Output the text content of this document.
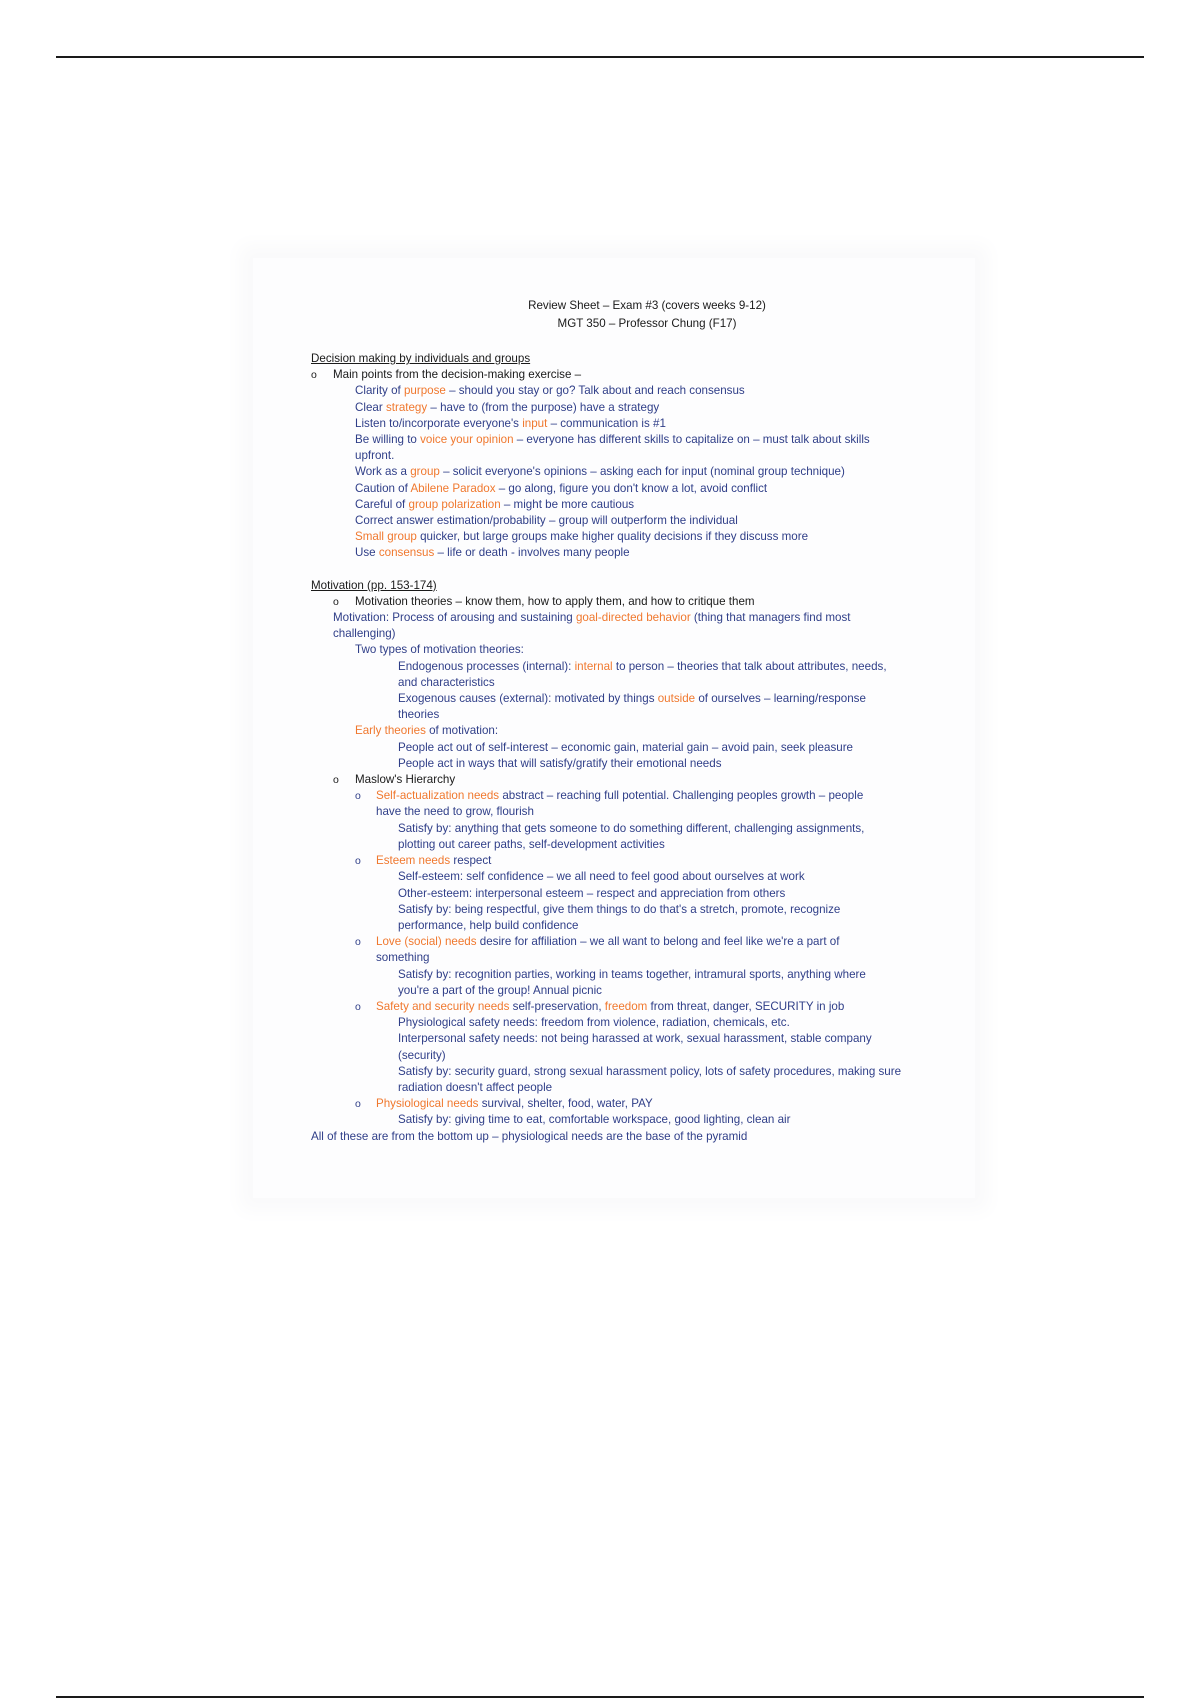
Review Sheet – Exam #3 (covers weeks 9-12)
MGT 350 – Professor Chung (F17)
Decision making by individuals and groups
o Main points from the decision-making exercise –
Clarity of purpose – should you stay or go? Talk about and reach consensus
Clear strategy – have to (from the purpose) have a strategy
Listen to/incorporate everyone's input – communication is #1
Be willing to voice your opinion – everyone has different skills to capitalize on – must talk about skills
upfront.
Work as a group – solicit everyone's opinions – asking each for input (nominal group technique)
Caution of Abilene Paradox – go along, figure you don't know a lot, avoid conflict
Careful of group polarization – might be more cautious
Correct answer estimation/probability – group will outperform the individual
Small group quicker, but large groups make higher quality decisions if they discuss more
Use consensus – life or death - involves many people
Motivation (pp. 153-174)
o Motivation theories – know them, how to apply them, and how to critique them
Motivation: Process of arousing and sustaining goal-directed behavior (thing that managers find most
challenging)
Two types of motivation theories:
Endogenous processes (internal): internal to person – theories that talk about attributes, needs,
and characteristics
Exogenous causes (external): motivated by things outside of ourselves – learning/response
theories
Early theories of motivation:
People act out of self-interest – economic gain, material gain – avoid pain, seek pleasure
People act in ways that will satisfy/gratify their emotional needs
o Maslow's Hierarchy
o Self-actualization needs abstract – reaching full potential. Challenging peoples growth – people
have the need to grow, flourish
Satisfy by: anything that gets someone to do something different, challenging assignments,
plotting out career paths, self-development activities
o Esteem needs respect
Self-esteem: self confidence – we all need to feel good about ourselves at work
Other-esteem: interpersonal esteem – respect and appreciation from others
Satisfy by: being respectful, give them things to do that's a stretch, promote, recognize
performance, help build confidence
o Love (social) needs desire for affiliation – we all want to belong and feel like we're a part of
something
Satisfy by: recognition parties, working in teams together, intramural sports, anything where
you're a part of the group! Annual picnic
o Safety and security needs self-preservation, freedom from threat, danger, SECURITY in job
Physiological safety needs: freedom from violence, radiation, chemicals, etc.
Interpersonal safety needs: not being harassed at work, sexual harassment, stable company
(security)
Satisfy by: security guard, strong sexual harassment policy, lots of safety procedures, making sure
radiation doesn't affect people
o Physiological needs survival, shelter, food, water, PAY
Satisfy by: giving time to eat, comfortable workspace, good lighting, clean air
All of these are from the bottom up – physiological needs are the base of the pyramid
